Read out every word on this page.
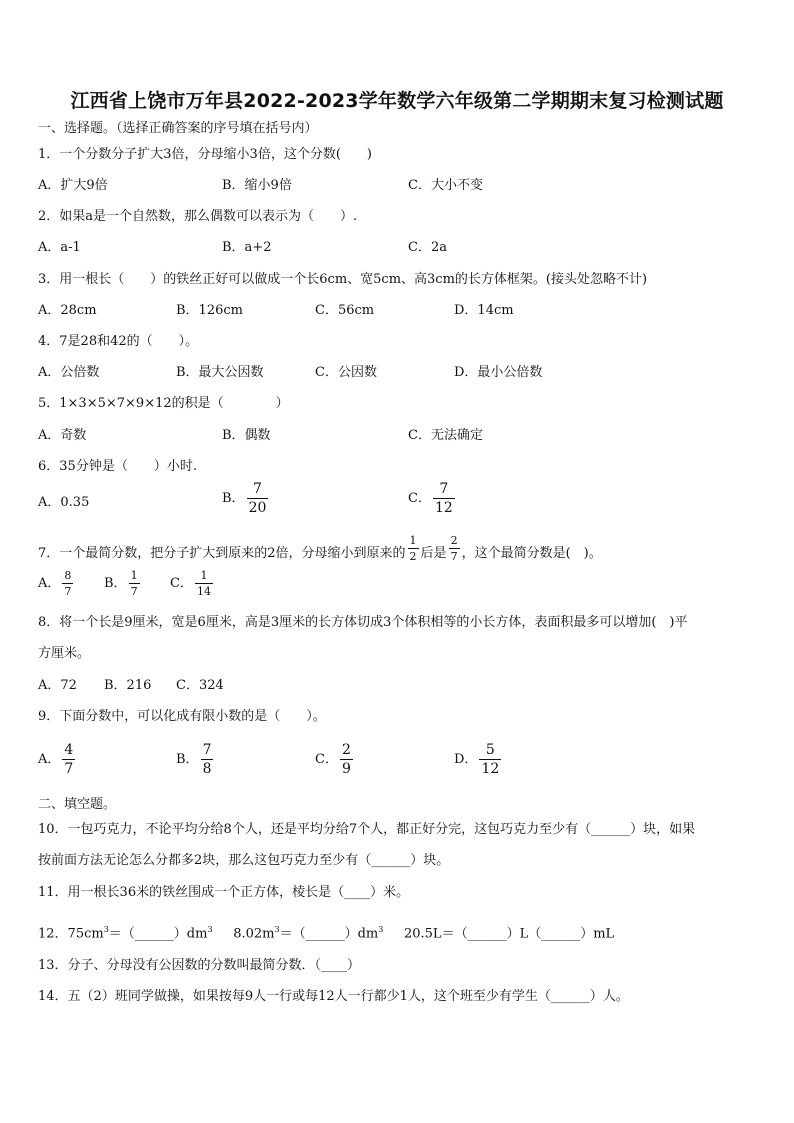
江西省上饶市万年县2022-2023学年数学六年级第二学期期末复习检测试题
一、选择题。（选择正确答案的序号填在括号内）
1．一个分数分子扩大3倍，分母缩小3倍，这个分数(　　)
A．扩大9倍	B．缩小9倍	C．大小不变
2．如果a是一个自然数，那么偶数可以表示为（　　）.
A．a-1	B．a+2	C．2a
3．用一根长（　　）的铁丝正好可以做成一个长6cm、宽5cm、高3cm的长方体框架。(接头处忽略不计)
A．28cm	B．126cm	C．56cm	D．14cm
4．7是28和42的（　　）。
A．公倍数	B．最大公因数	C．公因数	D．最小公倍数
5．1×3×5×7×9×12的积是（　　　　）
A．奇数	B．偶数	C．无法确定
6．35分钟是（　　）小时.
A．0.35	B． $\frac{7}{20}$	C． $\frac{7}{12}$
7．一个最简分数，把分子扩大到原来的2倍，分母缩小到原来的 $\frac{1}{2}$ 后是 $\frac{2}{7}$ ，这个最简分数是(　)。
A． $\frac{8}{7}$ B． $\frac{1}{7}$ C． $\frac{1}{14}$
8．将一个长是9厘米，宽是6厘米，高是3厘米的长方体切成3个体积相等的小长方体，表面积最多可以增加(　)平
方厘米。
A．72 B．216 C．324
9．下面分数中，可以化成有限小数的是（　　）。
A． $\frac{4}{7}$	B． $\frac{7}{8}$	C． $\frac{2}{9}$	D． $\frac{5}{12}$
二、填空题。
10．一包巧克力，不论平均分给8个人，还是平均分给7个人，都正好分完，这包巧克力至少有（______）块，如果
按前面方法无论怎么分都多2块，那么这包巧克力至少有（______）块。
11．用一根长36米的铁丝围成一个正方体，棱长是（____）米。
12．$75cm^3=(\_\_\_\_\_\_)dm^3$     $8.02m^3=(\_\_\_\_\_\_)dm^3$     20.5L＝（______）L（______）mL
13．分子、分母没有公因数的分数叫最简分数．（____）
14．五（2）班同学做操，如果按每9人一行或每12人一行都少1人，这个班至少有学生（______）人。
